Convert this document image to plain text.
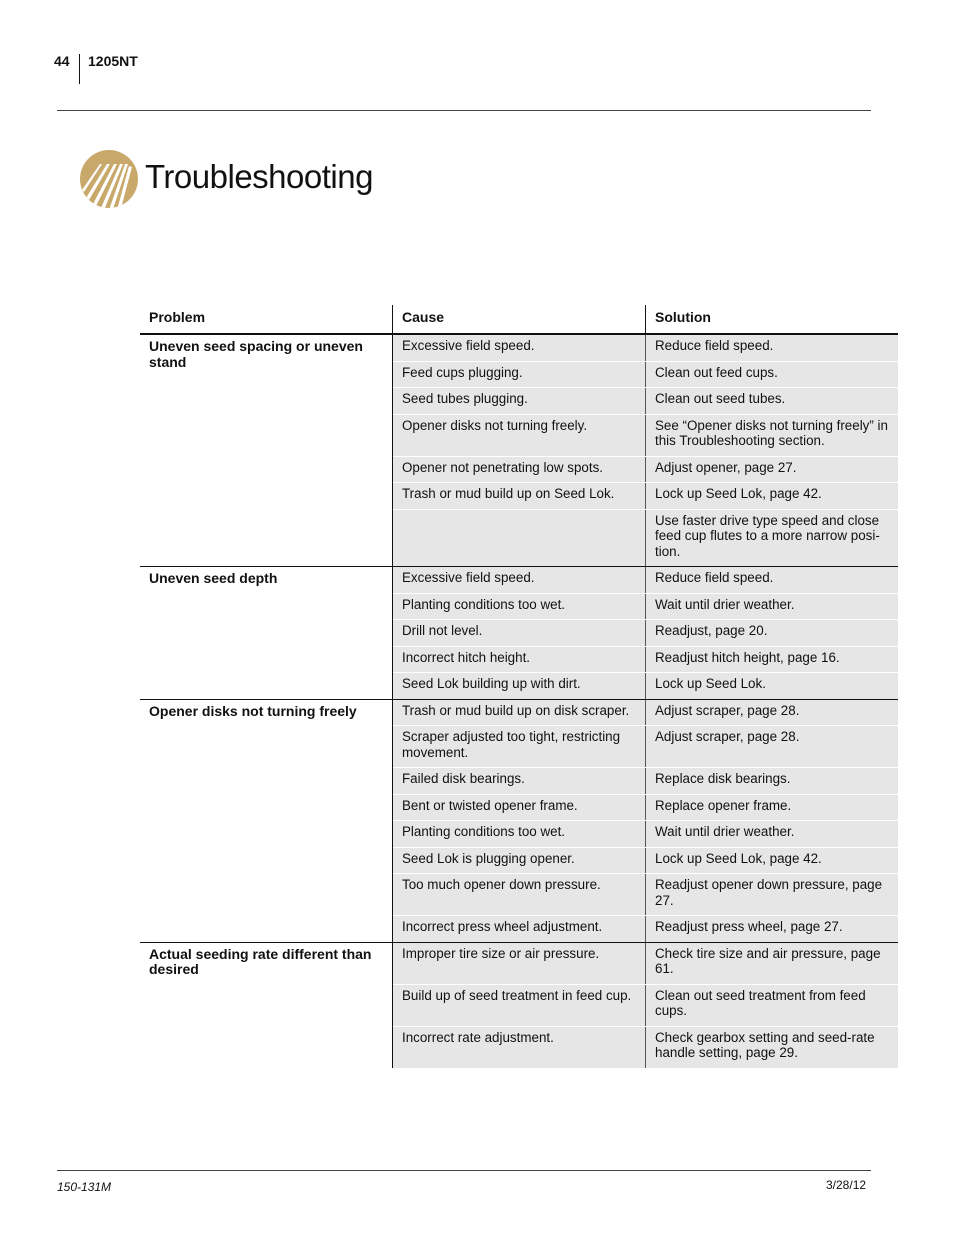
44 1205NT
Troubleshooting
Problem	Cause	Solution
Uneven seed spacing or uneven stand	Excessive field speed.	Reduce field speed.
	Feed cups plugging.	Clean out feed cups.
	Seed tubes plugging.	Clean out seed tubes.
	Opener disks not turning freely.	See “Opener disks not turning freely” in this Troubleshooting section.
	Opener not penetrating low spots.	Adjust opener, page 27.
	Trash or mud build up on Seed Lok.	Lock up Seed Lok, page 42.
		Use faster drive type speed and close feed cup flutes to a more narrow posi-tion.
Uneven seed depth	Excessive field speed.	Reduce field speed.
	Planting conditions too wet.	Wait until drier weather.
	Drill not level.	Readjust, page 20.
	Incorrect hitch height.	Readjust hitch height, page 16.
	Seed Lok building up with dirt.	Lock up Seed Lok.
Opener disks not turning freely	Trash or mud build up on disk scraper.	Adjust scraper, page 28.
	Scraper adjusted too tight, restricting movement.	Adjust scraper, page 28.
	Failed disk bearings.	Replace disk bearings.
	Bent or twisted opener frame.	Replace opener frame.
	Planting conditions too wet.	Wait until drier weather.
	Seed Lok is plugging opener.	Lock up Seed Lok, page 42.
	Too much opener down pressure.	Readjust opener down pressure, page 27.
	Incorrect press wheel adjustment.	Readjust press wheel, page 27.
Actual seeding rate different than desired	Improper tire size or air pressure.	Check tire size and air pressure, page 61.
	Build up of seed treatment in feed cup.	Clean out seed treatment from feed cups.
	Incorrect rate adjustment.	Check gearbox setting and seed-rate handle setting, page 29.
150-131M	3/28/12
